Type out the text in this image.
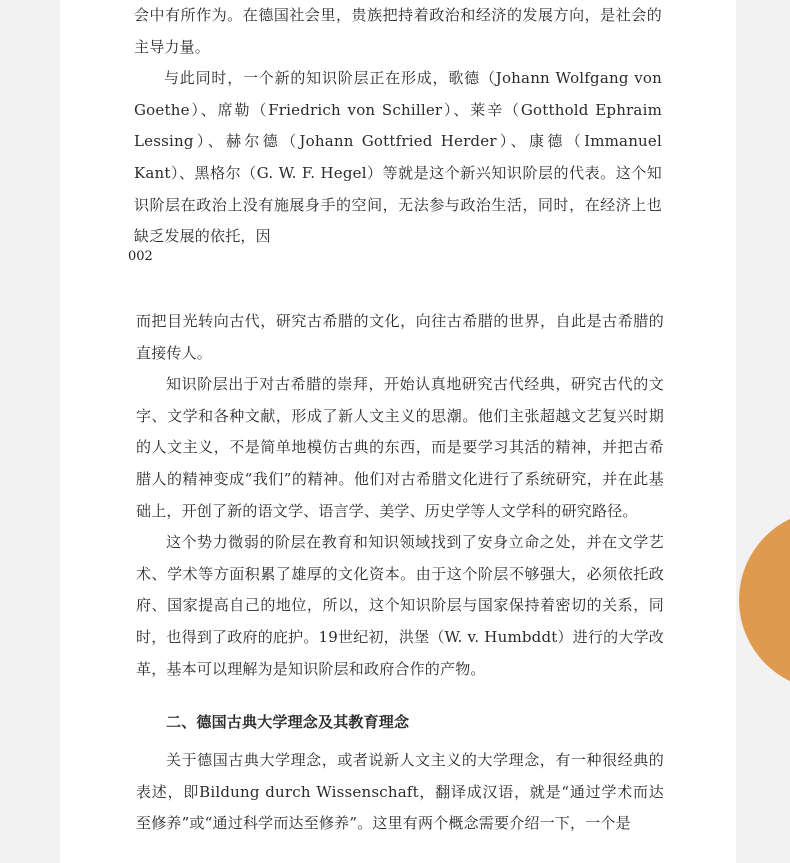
会中有所作为。在德国社会里，贵族把持着政治和经济的发展方向，是社会的主导力量。

与此同时，一个新的知识阶层正在形成，歌德（Johann Wolfgang von Goethe）、席勒（Friedrich von Schiller）、莱辛（Gotthold Ephraim Lessing）、赫尔德（Johann Gottfried Herder）、康德（Immanuel Kant）、黑格尔（G. W. F. Hegel）等就是这个新兴知识阶层的代表。这个知识阶层在政治上没有施展身手的空间，无法参与政治生活，同时，在经济上也缺乏发展的依托，因

002

而把目光转向古代，研究古希腊的文化，向往古希腊的世界，自此是古希腊的直接传人。

知识阶层出于对古希腊的崇拜，开始认真地研究古代经典，研究古代的文字、文学和各种文献，形成了新人文主义的思潮。他们主张超越文艺复兴时期的人文主义，不是简单地模仿古典的东西，而是要学习其活的精神，并把古希腊人的精神变成“我们”的精神。他们对古希腊文化进行了系统研究，并在此基础上，开创了新的语文学、语言学、美学、历史学等人文学科的研究路径。

这个势力微弱的阶层在教育和知识领域找到了安身立命之处，并在文学艺术、学术等方面积累了雄厚的文化资本。由于这个阶层不够强大，必须依托政府、国家提高自己的地位，所以，这个知识阶层与国家保持着密切的关系，同时，也得到了政府的庇护。19世纪初，洪堡（W. v. Humbddt）进行的大学改革，基本可以理解为是知识阶层和政府合作的产物。

二、德国古典大学理念及其教育理念

关于德国古典大学理念，或者说新人文主义的大学理念，有一种很经典的表述，即Bildung durch Wissenschaft，翻译成汉语，就是“通过学术而达至修养”或“通过科学而达至修养”。这里有两个概念需要介绍一下，一个是
